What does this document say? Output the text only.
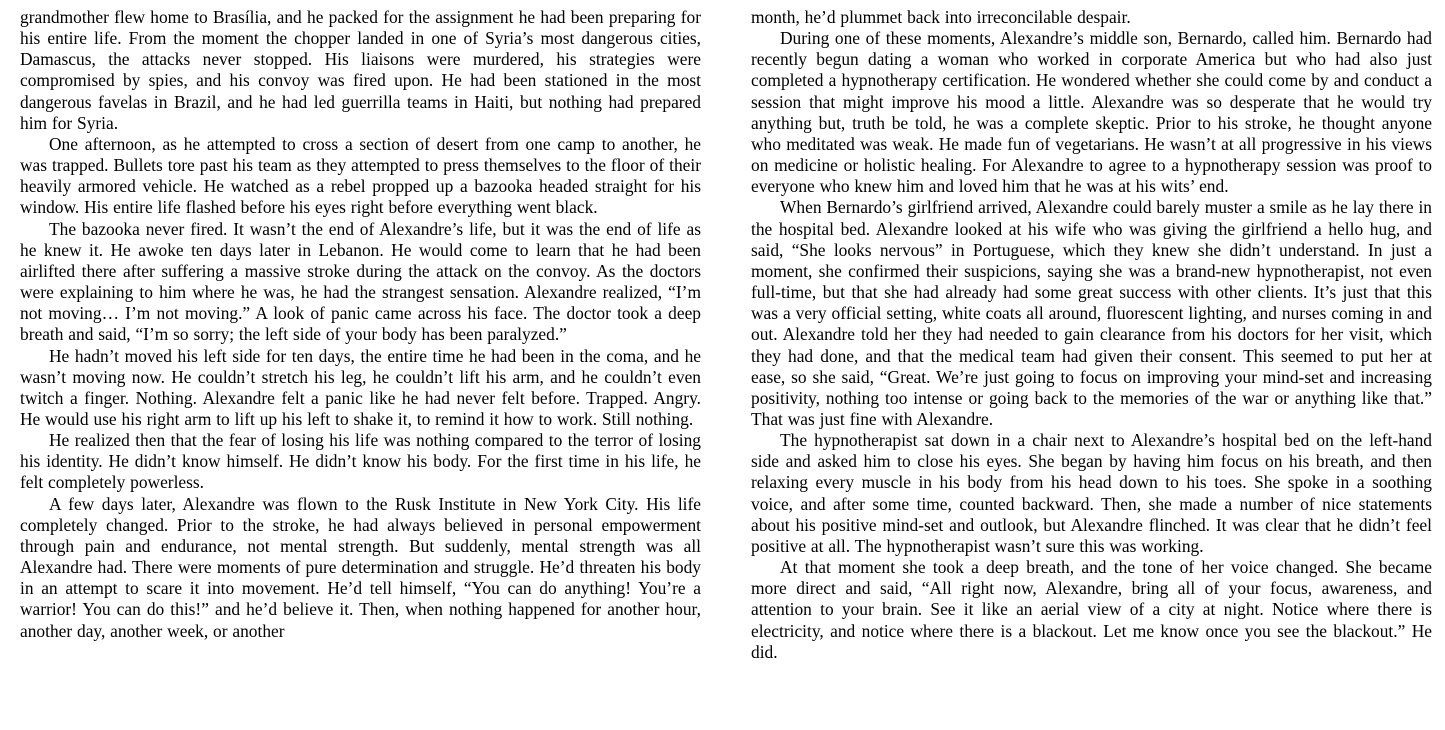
grandmother flew home to Brasília, and he packed for the assignment he had been preparing for his entire life. From the moment the chopper landed in one of Syria’s most dangerous cities, Damascus, the attacks never stopped. His liaisons were murdered, his strategies were compromised by spies, and his convoy was fired upon. He had been stationed in the most dangerous favelas in Brazil, and he had led guerrilla teams in Haiti, but nothing had prepared him for Syria.

One afternoon, as he attempted to cross a section of desert from one camp to another, he was trapped. Bullets tore past his team as they attempted to press themselves to the floor of their heavily armored vehicle. He watched as a rebel propped up a bazooka headed straight for his window. His entire life flashed before his eyes right before everything went black.

The bazooka never fired. It wasn’t the end of Alexandre’s life, but it was the end of life as he knew it. He awoke ten days later in Lebanon. He would come to learn that he had been airlifted there after suffering a massive stroke during the attack on the convoy. As the doctors were explaining to him where he was, he had the strangest sensation. Alexandre realized, “I’m not moving… I’m not moving.” A look of panic came across his face. The doctor took a deep breath and said, “I’m so sorry; the left side of your body has been paralyzed.”

He hadn’t moved his left side for ten days, the entire time he had been in the coma, and he wasn’t moving now. He couldn’t stretch his leg, he couldn’t lift his arm, and he couldn’t even twitch a finger. Nothing. Alexandre felt a panic like he had never felt before. Trapped. Angry. He would use his right arm to lift up his left to shake it, to remind it how to work. Still nothing.

He realized then that the fear of losing his life was nothing compared to the terror of losing his identity. He didn’t know himself. He didn’t know his body. For the first time in his life, he felt completely powerless.

A few days later, Alexandre was flown to the Rusk Institute in New York City. His life completely changed. Prior to the stroke, he had always believed in personal empowerment through pain and endurance, not mental strength. But suddenly, mental strength was all Alexandre had. There were moments of pure determination and struggle. He’d threaten his body in an attempt to scare it into movement. He’d tell himself, “You can do anything! You’re a warrior! You can do this!” and he’d believe it. Then, when nothing happened for another hour, another day, another week, or another

month, he’d plummet back into irreconcilable despair.

During one of these moments, Alexandre’s middle son, Bernardo, called him. Bernardo had recently begun dating a woman who worked in corporate America but who had also just completed a hypnotherapy certification. He wondered whether she could come by and conduct a session that might improve his mood a little. Alexandre was so desperate that he would try anything but, truth be told, he was a complete skeptic. Prior to his stroke, he thought anyone who meditated was weak. He made fun of vegetarians. He wasn’t at all progressive in his views on medicine or holistic healing. For Alexandre to agree to a hypnotherapy session was proof to everyone who knew him and loved him that he was at his wits’ end.

When Bernardo’s girlfriend arrived, Alexandre could barely muster a smile as he lay there in the hospital bed. Alexandre looked at his wife who was giving the girlfriend a hello hug, and said, “She looks nervous” in Portuguese, which they knew she didn’t understand. In just a moment, she confirmed their suspicions, saying she was a brand-new hypnotherapist, not even full-time, but that she had already had some great success with other clients. It’s just that this was a very official setting, white coats all around, fluorescent lighting, and nurses coming in and out. Alexandre told her they had needed to gain clearance from his doctors for her visit, which they had done, and that the medical team had given their consent. This seemed to put her at ease, so she said, “Great. We’re just going to focus on improving your mind-set and increasing positivity, nothing too intense or going back to the memories of the war or anything like that.” That was just fine with Alexandre.

The hypnotherapist sat down in a chair next to Alexandre’s hospital bed on the left-hand side and asked him to close his eyes. She began by having him focus on his breath, and then relaxing every muscle in his body from his head down to his toes. She spoke in a soothing voice, and after some time, counted backward. Then, she made a number of nice statements about his positive mind-set and outlook, but Alexandre flinched. It was clear that he didn’t feel positive at all. The hypnotherapist wasn’t sure this was working.

At that moment she took a deep breath, and the tone of her voice changed. She became more direct and said, “All right now, Alexandre, bring all of your focus, awareness, and attention to your brain. See it like an aerial view of a city at night. Notice where there is electricity, and notice where there is a blackout. Let me know once you see the blackout.” He did.
